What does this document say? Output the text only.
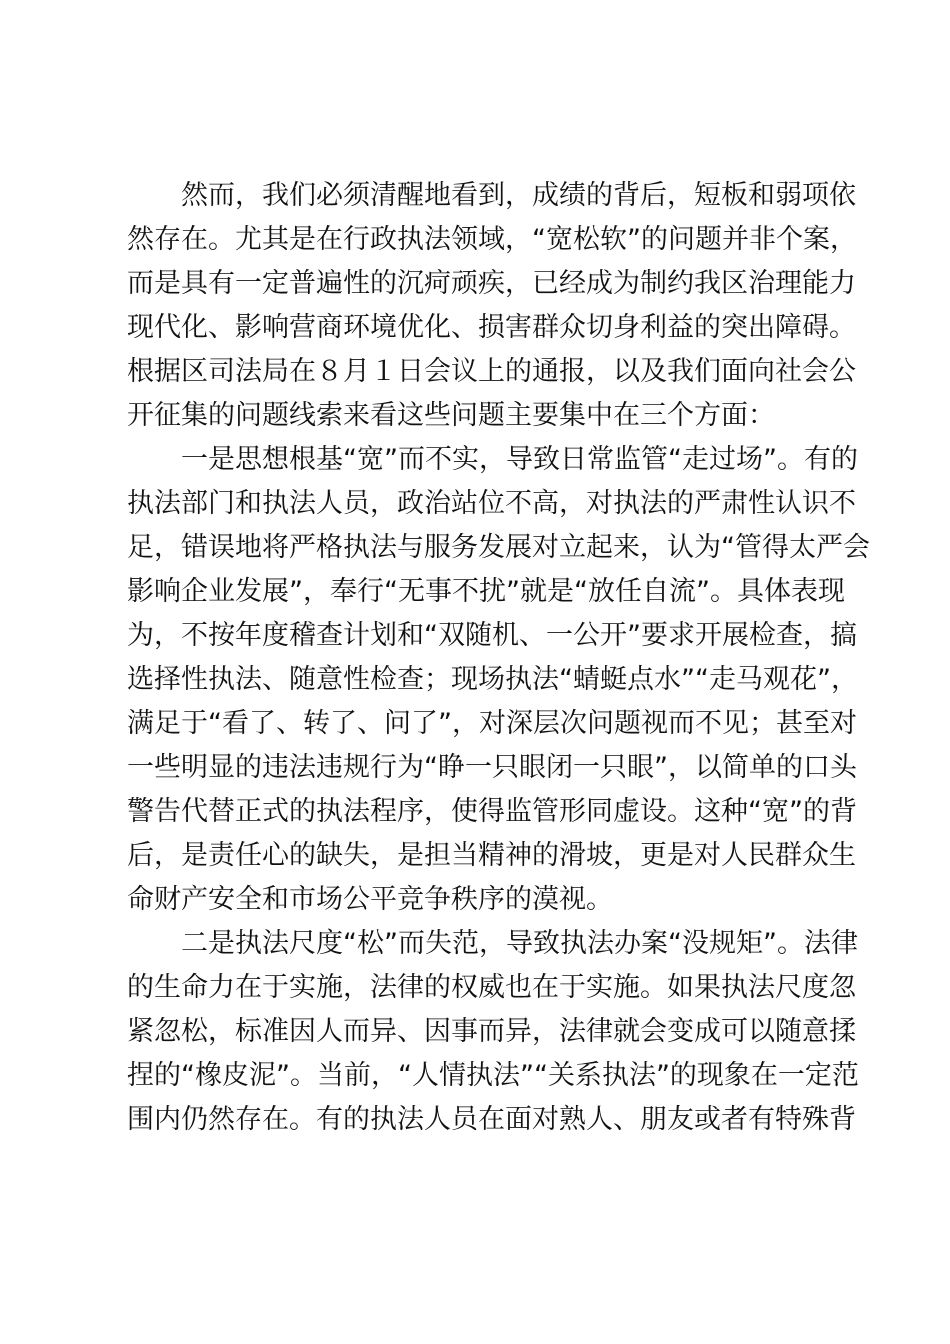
然而，我们必须清醒地看到，成绩的背后，短板和弱项依
然存在。尤其是在行政执法领域，“宽松软”的问题并非个案，
而是具有一定普遍性的沉疴顽疾，已经成为制约我区治理能力
现代化、影响营商环境优化、损害群众切身利益的突出障碍。
根据区司法局在８月１日会议上的通报，以及我们面向社会公
开征集的问题线索来看这些问题主要集中在三个方面：
一是思想根基“宽”而不实，导致日常监管“走过场”。有的
执法部门和执法人员，政治站位不高，对执法的严肃性认识不
足，错误地将严格执法与服务发展对立起来，认为“管得太严会
影响企业发展”，奉行“无事不扰”就是“放任自流”。具体表现
为，不按年度稽查计划和“双随机、一公开”要求开展检查，搞
选择性执法、随意性检查；现场执法“蜻蜓点水”“走马观花”，
满足于“看了、转了、问了”，对深层次问题视而不见；甚至对
一些明显的违法违规行为“睁一只眼闭一只眼”，以简单的口头
警告代替正式的执法程序，使得监管形同虚设。这种“宽”的背
后，是责任心的缺失，是担当精神的滑坡，更是对人民群众生
命财产安全和市场公平竞争秩序的漠视。
二是执法尺度“松”而失范，导致执法办案“没规矩”。法律
的生命力在于实施，法律的权威也在于实施。如果执法尺度忽
紧忽松，标准因人而异、因事而异，法律就会变成可以随意揉
捏的“橡皮泥”。当前，“人情执法”“关系执法”的现象在一定范
围内仍然存在。有的执法人员在面对熟人、朋友或者有特殊背
